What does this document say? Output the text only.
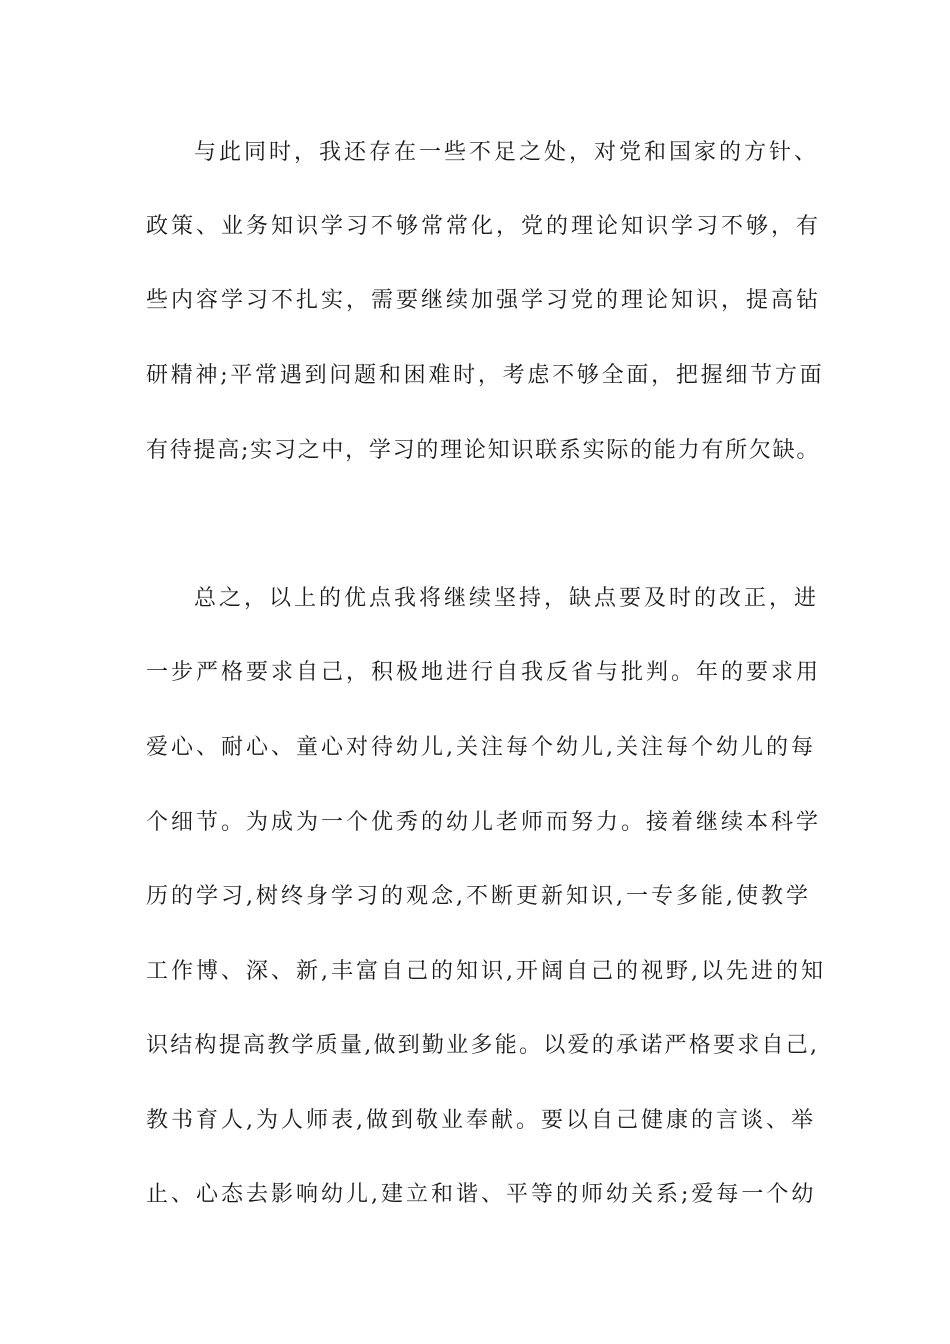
与此同时，我还存在一些不足之处，对党和国家的方针、
政策、业务知识学习不够常常化，党的理论知识学习不够，有
些内容学习不扎实，需要继续加强学习党的理论知识，提高钻
研精神;平常遇到问题和困难时，考虑不够全面，把握细节方面
有待提高;实习之中，学习的理论知识联系实际的能力有所欠缺。
总之，以上的优点我将继续坚持，缺点要及时的改正，进
一步严格要求自己，积极地进行自我反省与批判。年的要求用
爱心、耐心、童心对待幼儿,关注每个幼儿,关注每个幼儿的每
个细节。为成为一个优秀的幼儿老师而努力。接着继续本科学
历的学习,树终身学习的观念,不断更新知识,一专多能,使教学
工作博、深、新,丰富自己的知识,开阔自己的视野,以先进的知
识结构提高教学质量,做到勤业多能。以爱的承诺严格要求自己,
教书育人,为人师表,做到敬业奉献。要以自己健康的言谈、举
止、心态去影响幼儿,建立和谐、平等的师幼关系;爱每一个幼
